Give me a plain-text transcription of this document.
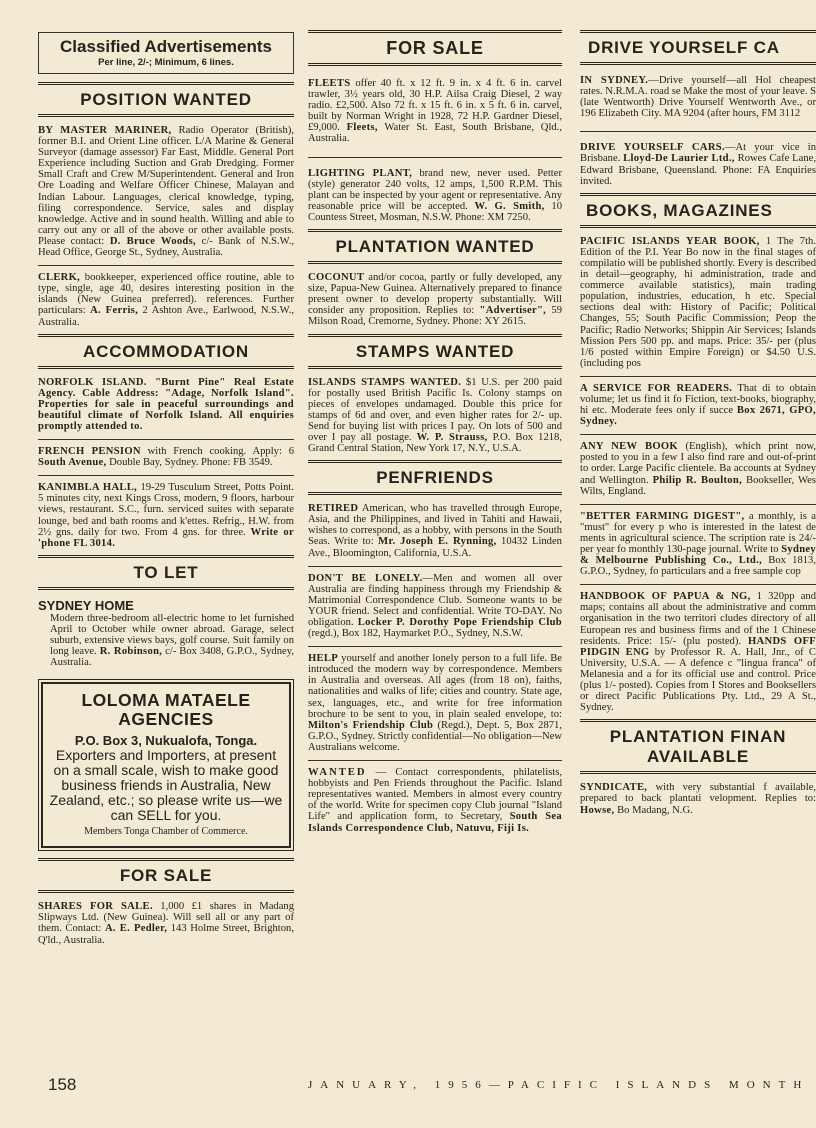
Classified Advertisements
Per line, 2/-; Minimum, 6 lines.
POSITION WANTED
BY MASTER MARINER, Radio Operator (British), former B.I. and Orient Line officer. L/A Marine & General Surveyor (damage assessor) Far East, Middle. General Port Experience including Suction and Grab Dredging. Former Small Craft and Crew M/Superintendent. General and Iron Ore Loading and Welfare Officer Chinese, Malayan and Indian Labour. Languages, clerical knowledge, typing, filing correspondence. Service, sales and display knowledge. Active and in sound health. Willing and able to carry out any or all of the above or other available posts. Please contact: D. Bruce Woods, c/- Bank of N.S.W., Head Office, George St., Sydney, Australia.
CLERK, bookkeeper, experienced office routine, able to type, single, age 40, desires interesting position in the islands (New Guinea preferred). references. Further particulars: A. Ferris, 2 Ashton Ave., Earlwood, N.S.W., Australia.
ACCOMMODATION
NORFOLK ISLAND. "Burnt Pine" Real Estate Agency. Cable Address: "Adage, Norfolk Island". Properties for sale in peaceful surroundings and beautiful climate of Norfolk Island. All enquiries promptly attended to.
FRENCH PENSION with French cooking. Apply: 6 South Avenue, Double Bay, Sydney. Phone: FB 3549.
KANIMBLA HALL, 19-29 Tusculum Street, Potts Point. 5 minutes city, next Kings Cross, modern, 9 floors, harbour views, restaurant. S.C., furn. serviced suites with separate lounge, bed and bath rooms and k'ettes. Refrig., H.W. from 2½ gns. daily for two. From 4 gns. for three. Write or 'phone FL 3014.
TO LET
SYDNEY HOME
Modern three-bedroom all-electric home to let furnished April to October while owner abroad. Garage, select suburb, extensive views bays, golf course. Suit family on long leave. R. Robinson, c/- Box 3408, G.P.O., Sydney, Australia.
LOLOMA MATAELE AGENCIES
P.O. Box 3, Nukualofa, Tonga.
Exporters and Importers, at present on a small scale, wish to make good business friends in Australia, New Zealand, etc.; so please write us—we can SELL for you.
Members Tonga Chamber of Commerce.
FOR SALE
SHARES FOR SALE. 1,000 £1 shares in Madang Slipways Ltd. (New Guinea). Will sell all or any part of them. Contact: A. E. Pedler, 143 Holme Street, Brighton, Q'ld., Australia.
FOR SALE
FLEETS offer 40 ft. x 12 ft. 9 in. x 4 ft. 6 in. carvel trawler, 3½ years old, 30 H.P. Ailsa Craig Diesel, 2 way radio. £2,500. Also 72 ft. x 15 ft. 6 in. x 5 ft. 6 in. carvel, built by Norman Wright in 1928, 72 H.P. Gardner Diesel, £9,000. Fleets, Water St. East, South Brisbane, Qld., Australia.
LIGHTING PLANT, brand new, never used. Petter (style) generator 240 volts, 12 amps, 1,500 R.P.M. This plant can be inspected by your agent or representative. Any reasonable price will be accepted. W. G. Smith, 10 Countess Street, Mosman, N.S.W. Phone: XM 7250.
PLANTATION WANTED
COCONUT and/or cocoa, partly or fully developed, any size, Papua-New Guinea. Alternatively prepared to finance present owner to develop property substantially. Will consider any proposition. Replies to: "Advertiser", 59 Milson Road, Cremorne, Sydney. Phone: XY 2615.
STAMPS WANTED
ISLANDS STAMPS WANTED. $1 U.S. per 200 paid for postally used British Pacific Is. Colony stamps on pieces of envelopes undamaged. Double this price for stamps of 6d and over, and even higher rates for 2/- up. Send for buying list with prices I pay. On lots of 500 and over I pay all postage. W. P. Strauss, P.O. Box 1218, Grand Central Station, New York 17, N.Y., U.S.A.
PENFRIENDS
RETIRED American, who has travelled through Europe, Asia, and the Philippines, and lived in Tahiti and Hawaii, wishes to correspond, as a hobby, with persons in the South Seas. Write to: Mr. Joseph E. Rynning, 10432 Linden Ave., Bloomington, California, U.S.A.
DON'T BE LONELY.—Men and women all over Australia are finding happiness through my Friendship & Matrimonial Correspondence Club. Someone wants to be YOUR friend. Select and confidential. Write TO-DAY. No obligation. Locker P. Dorothy Pope Friendship Club (regd.), Box 182, Haymarket P.O., Sydney, N.S.W.
HELP yourself and another lonely person to a full life. Be introduced the modern way by correspondence. Members in Australia and overseas. All ages (from 18 on), faiths, nationalities and walks of life; cities and country. State age, sex, languages, etc., and write for free information brochure to be sent to you, in plain sealed envelope, to: Milton's Friendship Club (Regd.), Dept. 5, Box 2871, G.P.O., Sydney. Strictly confidential—No obligation—New Australians welcome.
WANTED — Contact correspondents, philatelists, hobbyists and Pen Friends throughout the Pacific. Island representatives wanted. Members in almost every country of the world. Write for specimen copy Club journal "Island Life" and application form, to Secretary, South Sea Islands Correspondence Club, Natuvu, Fiji Is.
DRIVE YOURSELF CA
IN SYDNEY.—Drive yourself—all Hol cheapest rates. N.R.M.A. road se Make the most of your leave. S (late Wentworth) Drive Yourself Wentworth Ave., or 196 Elizabeth City. MA 9204 (after hours, FM 3112
DRIVE YOURSELF CARS.—At your vice in Brisbane. Lloyd-De Laurier Ltd., Rowes Cafe Lane, Edward Brisbane, Queensland. Phone: FA Enquiries invited.
BOOKS, MAGAZINES
PACIFIC ISLANDS YEAR BOOK, 1 The 7th. Edition of the P.I. Year Bo now in the final stages of compilatio will be published shortly. Every is described in detail—geography, hi administration, trade and commerce available statistics), main trading population, industries, education, h etc. Special sections deal with: History of Pacific; Political Changes, 55; South Pacific Commission; Peop the Pacific; Radio Networks; Shippin Air Services; Islands Mission Pers 500 pp. and maps. Price: 35/- per (plus 1/6 posted within Empire Foreign) or $4.50 U.S. (including pos
A SERVICE FOR READERS. That di to obtain volume; let us find it fo Fiction, text-books, biography, hi etc. Moderate fees only if succe Box 2671, GPO, Sydney.
ANY NEW BOOK (English), which print now, posted to you in a few I also find rare and out-of-print to order. Large Pacific clientele. Ba accounts at Sydney and Wellington. Philip R. Boulton, Bookseller, Wes Wilts, England.
"BETTER FARMING DIGEST", a monthly, is a "must" for every p who is interested in the latest de ments in agricultural science. The scription rate is 24/- per year fo monthly 130-page journal. Write to Sydney & Melbourne Publishing Co., Ltd., Box 1813, G.P.O., Sydney, fo particulars and a free sample cop
HANDBOOK OF PAPUA & NG, 1 320pp and maps; contains all about the administrative and comm organisation in the two territori cludes directory of all European res and business firms and of the 1 Chinese residents. Price: 15/- (plu posted). HANDS OFF PIDGIN ENG by Professor R. A. Hall, Jnr., of C University, U.S.A. — A defence c "lingua franca" of Melanesia and a for its official use and control. Price (plus 1/- posted). Copies from I Stores and Booksellers or direct Pacific Publications Pty. Ltd., 29 A St., Sydney.
PLANTATION FINAN
AVAILABLE
SYNDICATE, with very substantial f available, prepared to back plantati velopment. Replies to: Howse, Bo Madang, N.G.
158	JANUARY, 1956—PACIFIC ISLANDS MONTH
